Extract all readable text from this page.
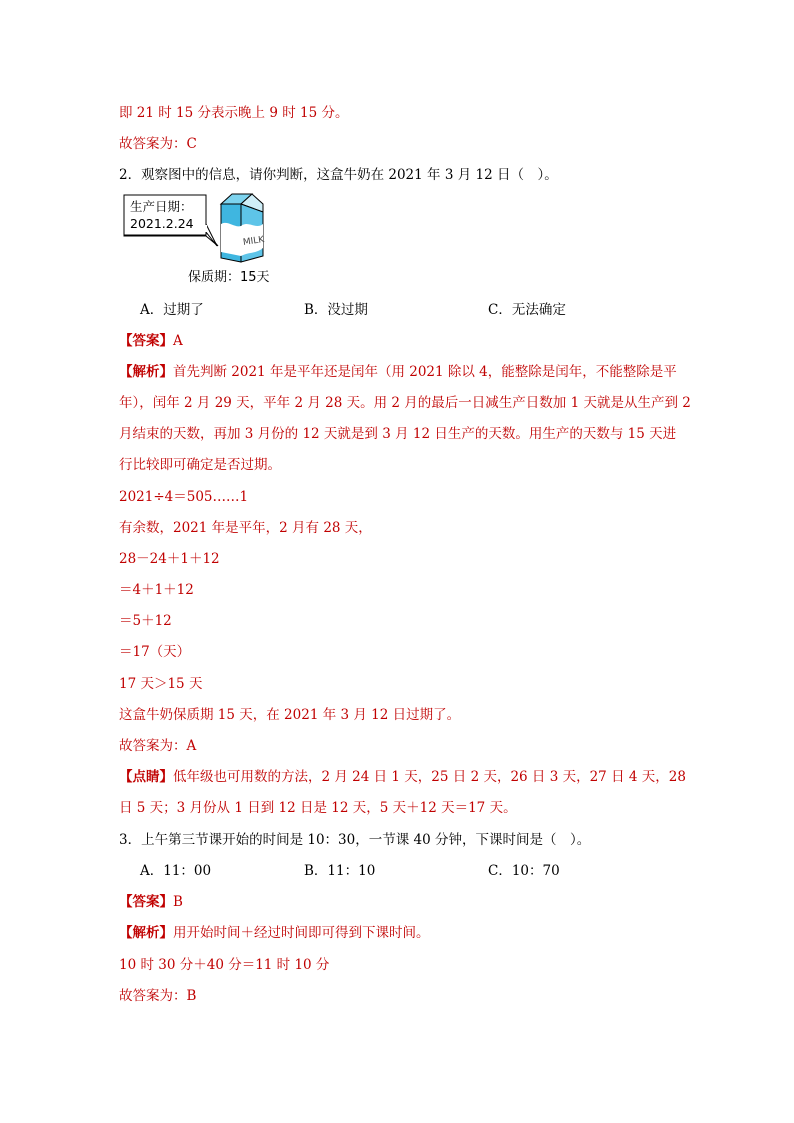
即 21 时 15 分表示晚上 9 时 15 分。
故答案为：C
2．观察图中的信息，请你判断，这盒牛奶在 2021 年 3 月 12 日（　）。
生产日期：
2021.2.24
MILK
保质期：15天
A．过期了	B．没过期	C．无法确定
【答案】A
【解析】首先判断 2021 年是平年还是闰年（用 2021 除以 4，能整除是闰年，不能整除是平
年），闰年 2 月 29 天，平年 2 月 28 天。用 2 月的最后一日减生产日数加 1 天就是从生产到 2
月结束的天数，再加 3 月份的 12 天就是到 3 月 12 日生产的天数。用生产的天数与 15 天进
行比较即可确定是否过期。
2021÷4＝505……1
有余数，2021 年是平年，2 月有 28 天，
28－24＋1＋12
＝4＋1＋12
＝5＋12
＝17（天）
17 天＞15 天
这盒牛奶保质期 15 天，在 2021 年 3 月 12 日过期了。
故答案为：A
【点睛】低年级也可用数的方法，2 月 24 日 1 天，25 日 2 天，26 日 3 天，27 日 4 天，28
日 5 天；3 月份从 1 日到 12 日是 12 天，5 天＋12 天＝17 天。
3．上午第三节课开始的时间是 10：30，一节课 40 分钟，下课时间是（　）。
A．11：00	B．11：10	C．10：70
【答案】B
【解析】用开始时间＋经过时间即可得到下课时间。
10 时 30 分＋40 分＝11 时 10 分
故答案为：B
